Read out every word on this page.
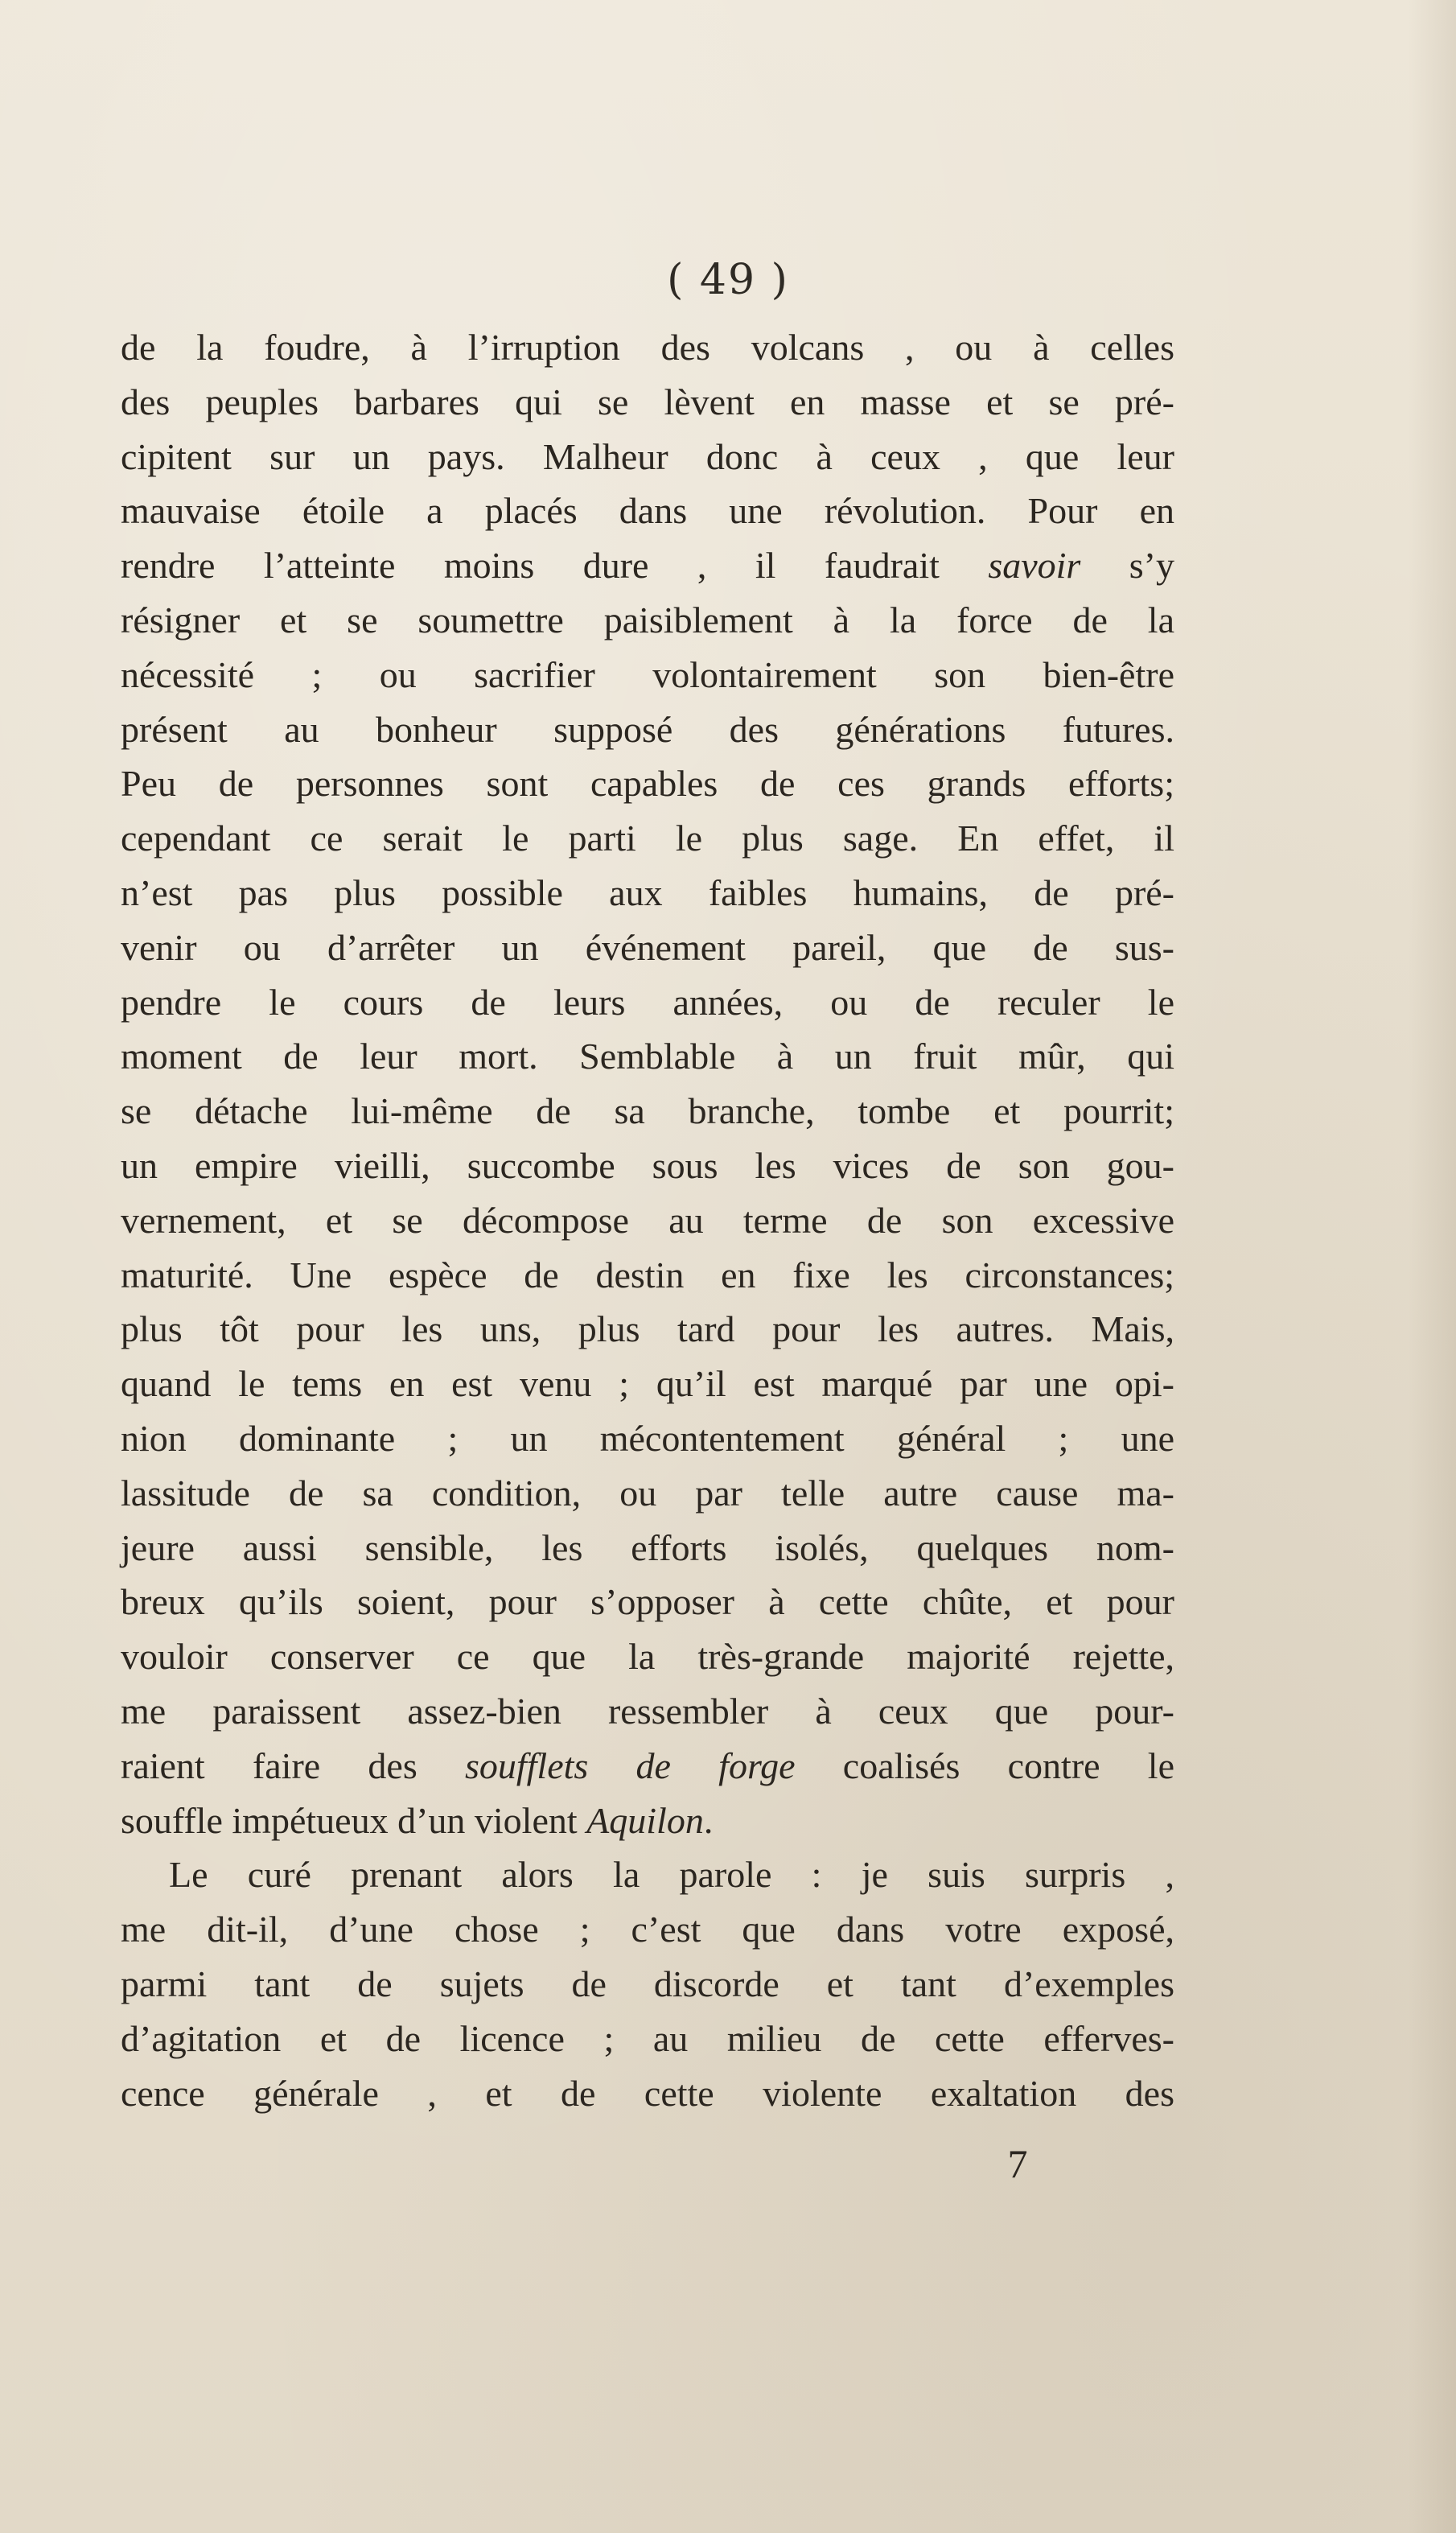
( 49 )
de la foudre, à l’irruption des volcans , ou à celles
des peuples barbares qui se lèvent en masse et se pré-
cipitent sur un pays. Malheur donc à ceux , que leur
mauvaise étoile a placés dans une révolution. Pour en
rendre l’atteinte moins dure , il faudrait savoir s’y
résigner et se soumettre paisiblement à la force de la
nécessité ; ou sacrifier volontairement son bien-être
présent au bonheur supposé des générations futures.
Peu de personnes sont capables de ces grands efforts;
cependant ce serait le parti le plus sage. En effet, il
n’est pas plus possible aux faibles humains, de pré-
venir ou d’arrêter un événement pareil, que de sus-
pendre le cours de leurs années, ou de reculer le
moment de leur mort. Semblable à un fruit mûr, qui
se détache lui-même de sa branche, tombe et pourrit;
un empire vieilli, succombe sous les vices de son gou-
vernement, et se décompose au terme de son excessive
maturité. Une espèce de destin en fixe les circonstances;
plus tôt pour les uns, plus tard pour les autres. Mais,
quand le tems en est venu ; qu’il est marqué par une opi-
nion dominante ; un mécontentement général ; une
lassitude de sa condition, ou par telle autre cause ma-
jeure aussi sensible, les efforts isolés, quelques nom-
breux qu’ils soient, pour s’opposer à cette chûte, et pour
vouloir conserver ce que la très-grande majorité rejette,
me paraissent assez-bien ressembler à ceux que pour-
raient faire des soufflets de forge coalisés contre le
souffle impétueux d’un violent Aquilon.
Le curé prenant alors la parole : je suis surpris ,
me dit-il, d’une chose ; c’est que dans votre exposé,
parmi tant de sujets de discorde et tant d’exemples
d’agitation et de licence ; au milieu de cette efferves-
cence générale , et de cette violente exaltation des
7
